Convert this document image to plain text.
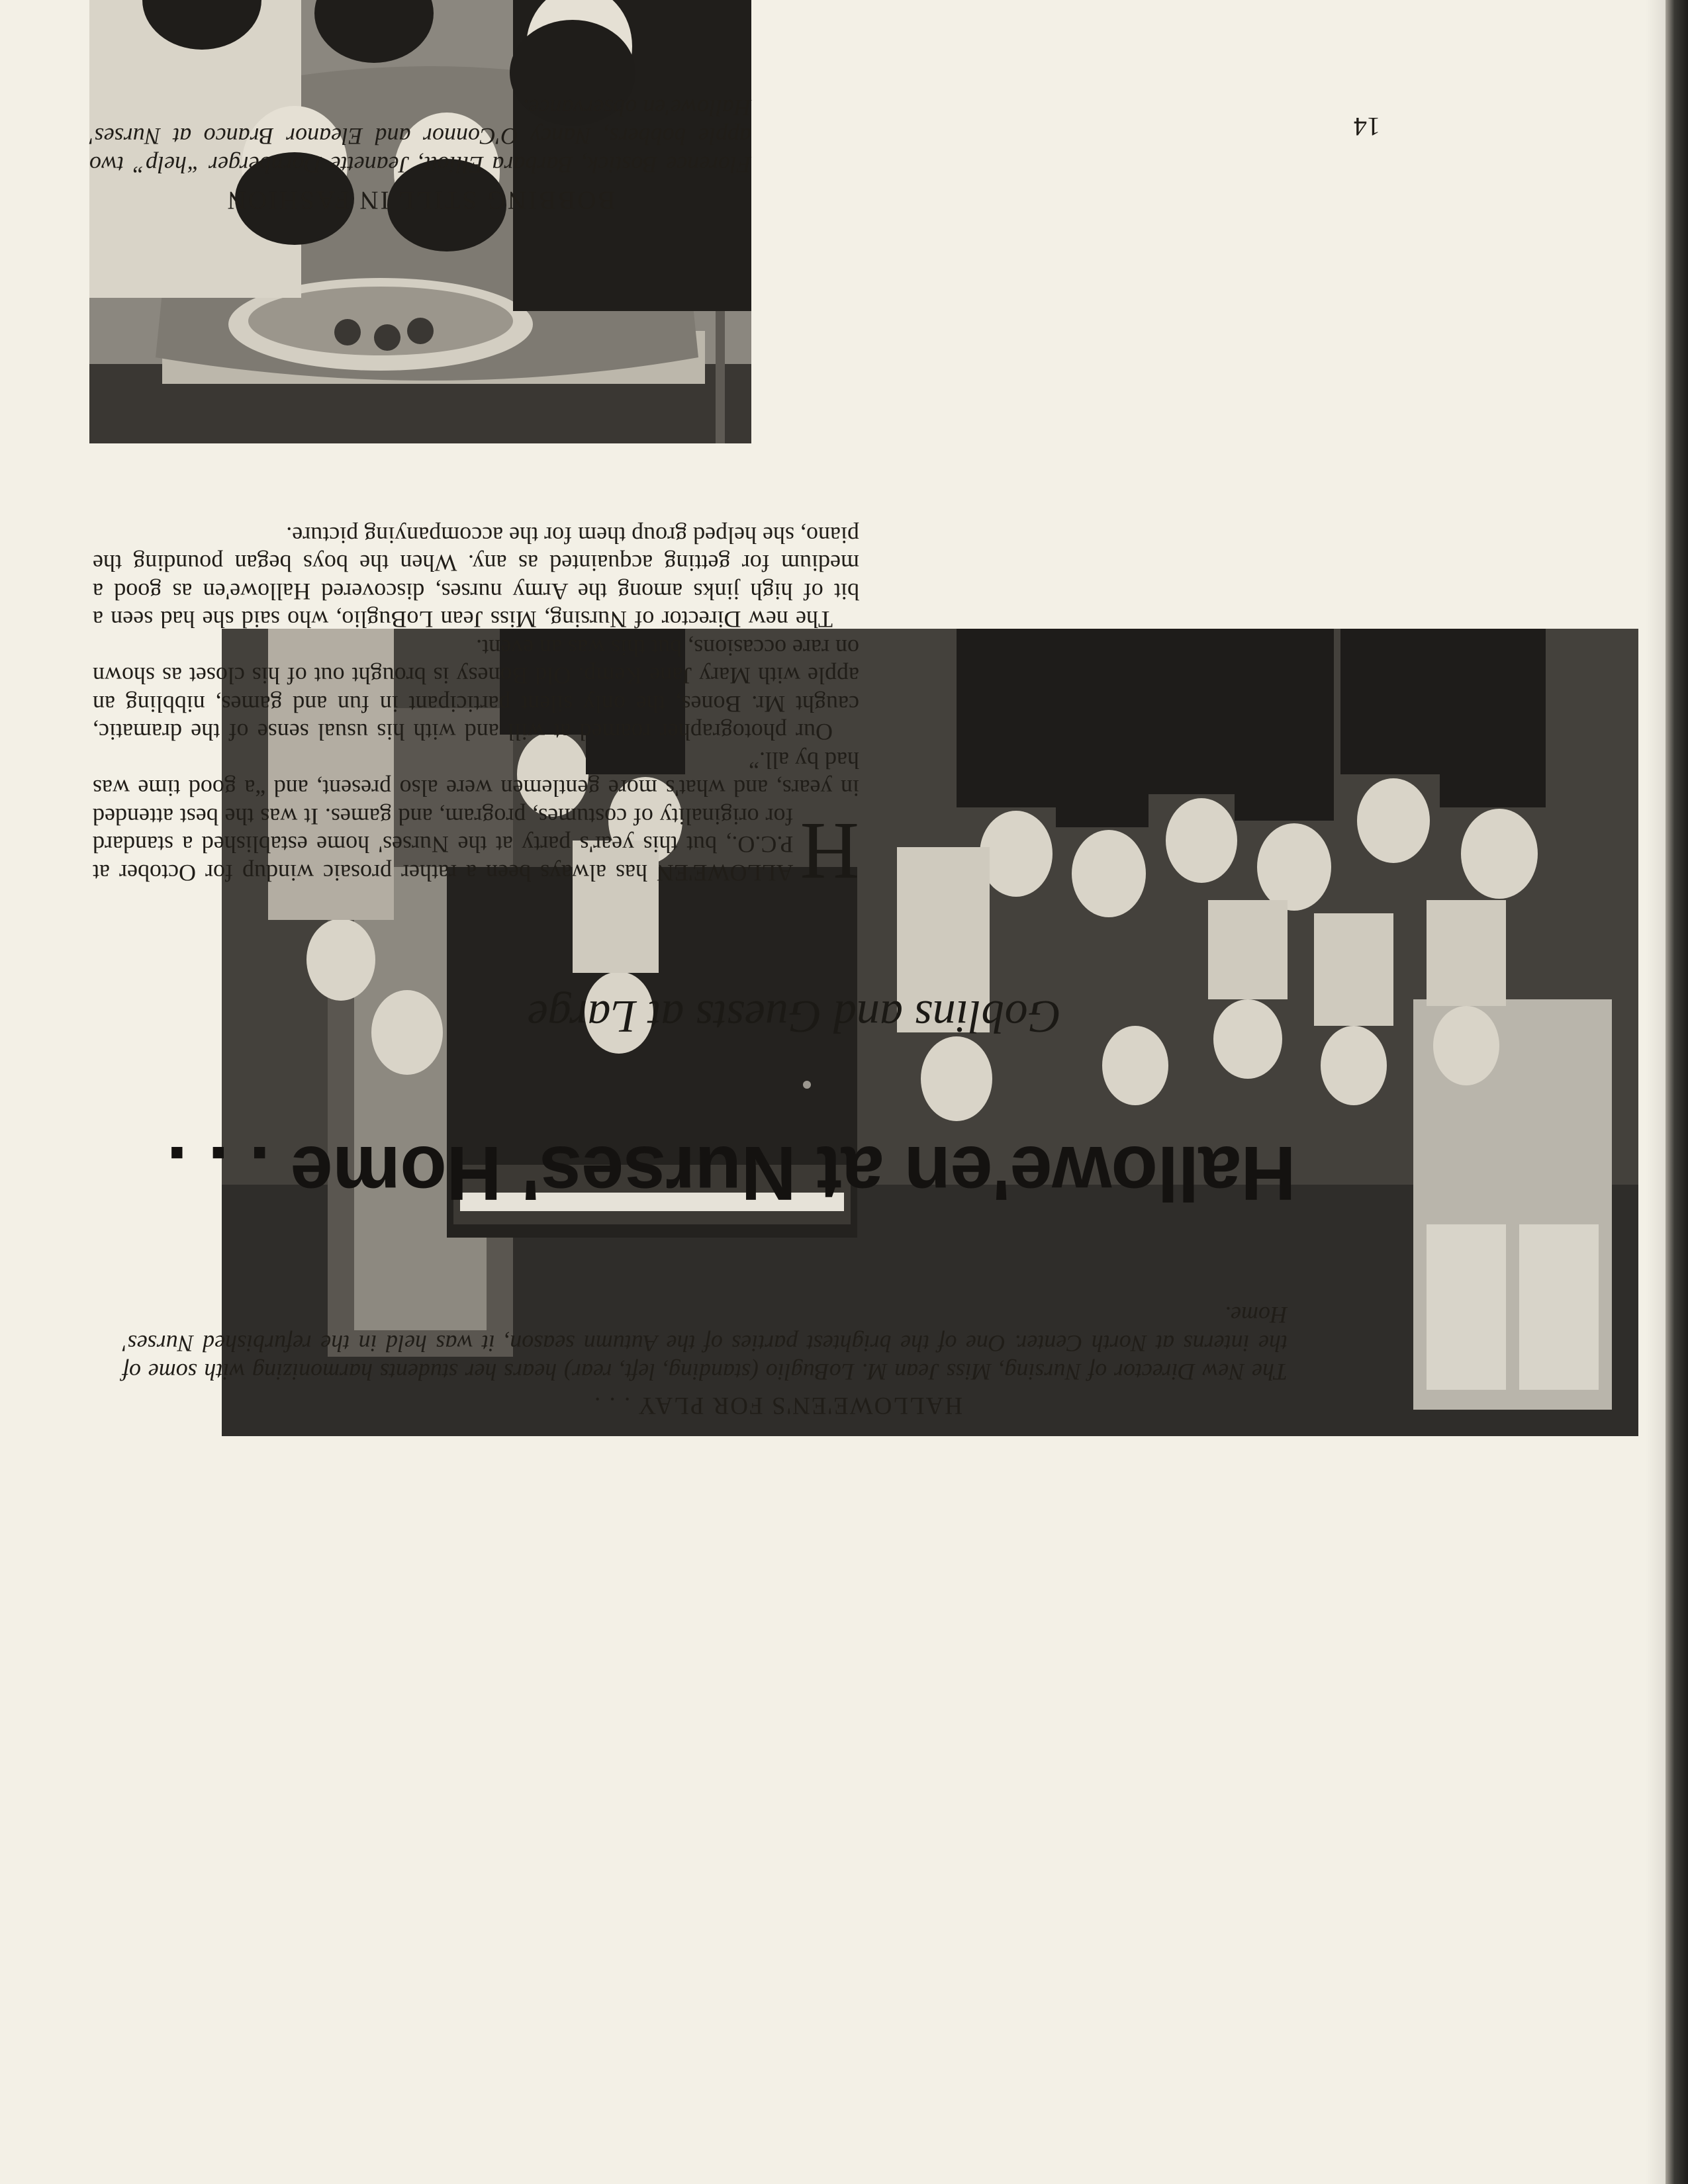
HALLOWE'EN'S FOR PLAY . . .
The New Director of Nursing, Miss Jean M. LoBuglio (standing, left, rear) hears her students harmonizing with some of the interns at North Center. One of the brightest parties of the Autumn season, it was held in the refurbished Nurses' Home.
Hallowe'en at Nurses' Home . . .
Goblins and Guests at Large

H
ALLOWE'EN has always been a rather prosaic windup for October at P.C.O., but this year's party at the Nurses' home established a standard for originality of costumes, program, and games. It was the best attended in years, and what's more gentlemen were also present, and “a good time was had by all.”

Our photographer roamed at will and with his usual sense of the dramatic, caught Mr. Bones, the only silent participant in fun and games, nibbling an apple with Mary Jane Kemp. Old Bonesy is brought out of his closet as shown on rare occasions, but this was an event.

The new Director of Nursing, Miss Jean LoBuglio, who said she had seen a bit of high jinks among the Army nurses, discovered Hallowe'en as good a medium for getting acquainted as any. When the boys began pounding the piano, she helped group them for the accompanying picture.

BOBBING STILL IN FASHION
Florence Bostick, Barbara Elliott, Jeanette Dornberger “help” two apple bobbers, Nancy O'Connor and Eleanor Branco at Nurses' Hallowe'en observance.
14
